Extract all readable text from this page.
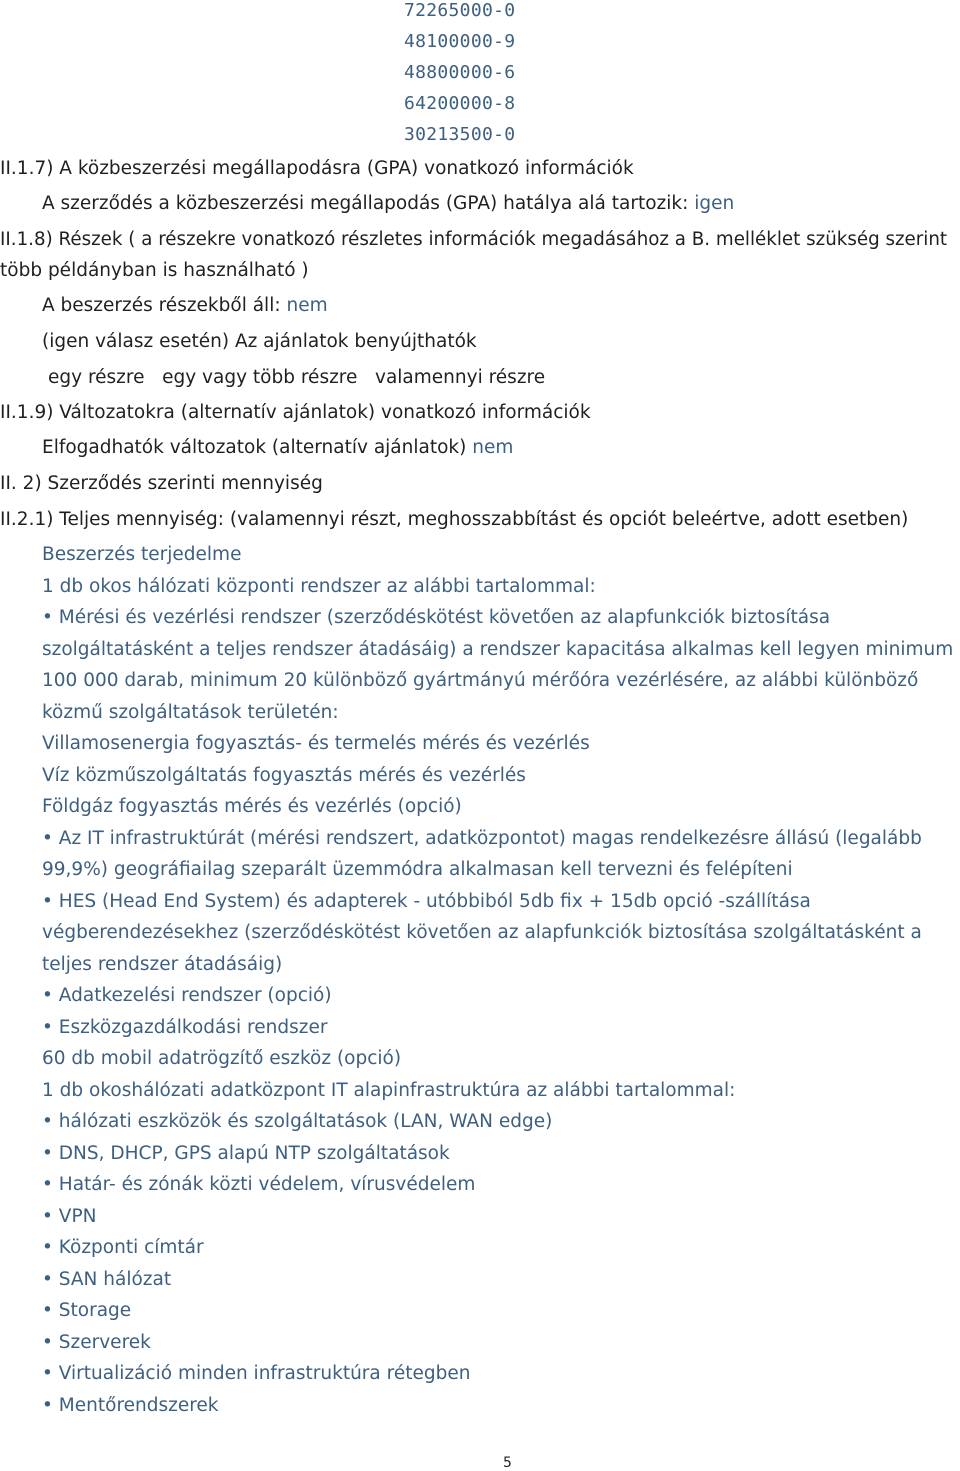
72265000-0
48100000-9
48800000-6
64200000-8
30213500-0
II.1.7) A közbeszerzési megállapodásra (GPA) vonatkozó információk
A szerződés a közbeszerzési megállapodás (GPA) hatálya alá tartozik: igen
II.1.8) Részek ( a részekre vonatkozó részletes információk megadásához a B. melléklet szükség szerint
több példányban is használható )
A beszerzés részekből áll: nem
(igen válasz esetén) Az ajánlatok benyújthatók
egy részre   egy vagy több részre   valamennyi részre
II.1.9) Változatokra (alternatív ajánlatok) vonatkozó információk
Elfogadhatók változatok (alternatív ajánlatok) nem
II. 2) Szerződés szerinti mennyiség
II.2.1) Teljes mennyiség: (valamennyi részt, meghosszabbítást és opciót beleértve, adott esetben)
Beszerzés terjedelme
1 db okos hálózati központi rendszer az alábbi tartalommal:
• Mérési és vezérlési rendszer (szerződéskötést követően az alapfunkciók biztosítása
szolgáltatásként a teljes rendszer átadásáig) a rendszer kapacitása alkalmas kell legyen minimum
100 000 darab, minimum 20 különböző gyártmányú mérőóra vezérlésére, az alábbi különböző
közmű szolgáltatások területén:
Villamosenergia fogyasztás- és termelés mérés és vezérlés
Víz közműszolgáltatás fogyasztás mérés és vezérlés
Földgáz fogyasztás mérés és vezérlés (opció)
• Az IT infrastruktúrát (mérési rendszert, adatközpontot) magas rendelkezésre állású (legalább
99,9%) geográfiailag szeparált üzemmódra alkalmasan kell tervezni és felépíteni
• HES (Head End System) és adapterek - utóbbiból 5db fix + 15db opció -szállítása
végberendezésekhez (szerződéskötést követően az alapfunkciók biztosítása szolgáltatásként a
teljes rendszer átadásáig)
• Adatkezelési rendszer (opció)
• Eszközgazdálkodási rendszer
60 db mobil adatrögzítő eszköz (opció)
1 db okoshálózati adatközpont IT alapinfrastruktúra az alábbi tartalommal:
• hálózati eszközök és szolgáltatások (LAN, WAN edge)
• DNS, DHCP, GPS alapú NTP szolgáltatások
• Határ- és zónák közti védelem, vírusvédelem
• VPN
• Központi címtár
• SAN hálózat
• Storage
• Szerverek
• Virtualizáció minden infrastruktúra rétegben
• Mentőrendszerek
5
